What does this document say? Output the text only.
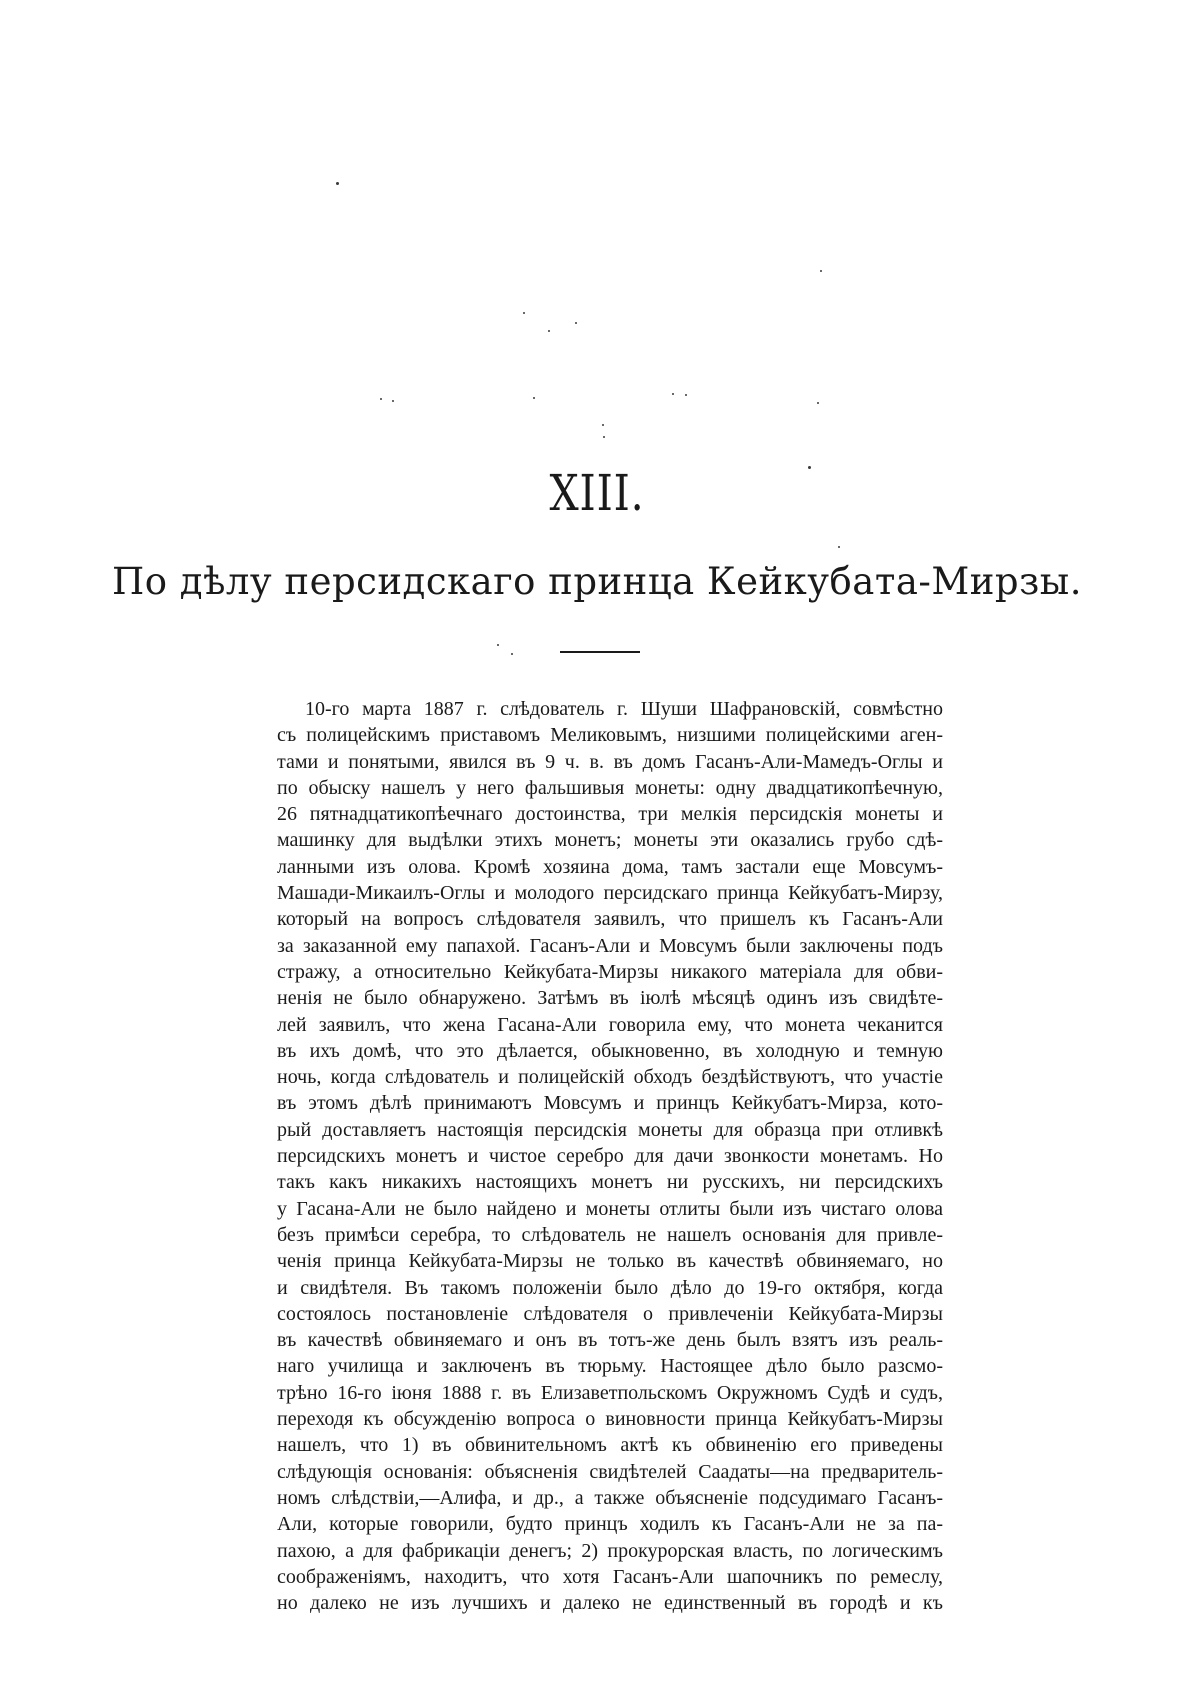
XIII.
По дѣлу персидскаго принца Кейкубата-Мирзы.

10-го марта 1887 г. слѣдователь г. Шуши Шафрановскій, совмѣстно
съ полицейскимъ приставомъ Меликовымъ, низшими полицейскими аген-
тами и понятыми, явился въ 9 ч. в. въ домъ Гасанъ-Али-Мамедъ-Оглы и
по обыску нашелъ у него фальшивыя монеты: одну двадцатикопѣечную,
26 пятнадцатикопѣечнаго достоинства, три мелкія персидскія монеты и
машинку для выдѣлки этихъ монетъ; монеты эти оказались грубо сдѣ-
ланными изъ олова. Кромѣ хозяина дома, тамъ застали еще Мовсумъ-
Машади-Микаилъ-Оглы и молодого персидскаго принца Кейкубатъ-Мирзу,
который на вопросъ слѣдователя заявилъ, что пришелъ къ Гасанъ-Али
за заказанной ему папахой. Гасанъ-Али и Мовсумъ были заключены подъ
стражу, а относительно Кейкубата-Мирзы никакого матеріала для обви-
ненія не было обнаружено. Затѣмъ въ іюлѣ мѣсяцѣ одинъ изъ свидѣте-
лей заявилъ, что жена Гасана-Али говорила ему, что монета чеканится
въ ихъ домѣ, что это дѣлается, обыкновенно, въ холодную и темную
ночь, когда слѣдователь и полицейскій обходъ бездѣйствуютъ, что участіе
въ этомъ дѣлѣ принимаютъ Мовсумъ и принцъ Кейкубатъ-Мирза, кото-
рый доставляетъ настоящія персидскія монеты для образца при отливкѣ
персидскихъ монетъ и чистое серебро для дачи звонкости монетамъ. Но
такъ какъ никакихъ настоящихъ монетъ ни русскихъ, ни персидскихъ
у Гасана-Али не было найдено и монеты отлиты были изъ чистаго олова
безъ примѣси серебра, то слѣдователь не нашелъ основанія для привле-
ченія принца Кейкубата-Мирзы не только въ качествѣ обвиняемаго, но
и свидѣтеля. Въ такомъ положеніи было дѣло до 19-го октября, когда
состоялось постановленіе слѣдователя о привлеченіи Кейкубата-Мирзы
въ качествѣ обвиняемаго и онъ въ тотъ-же день былъ взятъ изъ реаль-
наго училища и заключенъ въ тюрьму. Настоящее дѣло было разсмо-
трѣно 16-го іюня 1888 г. въ Елизаветпольскомъ Окружномъ Судѣ и судъ,
переходя къ обсужденію вопроса о виновности принца Кейкубатъ-Мирзы
нашелъ, что 1) въ обвинительномъ актѣ къ обвиненію его приведены
слѣдующія основанія: объясненія свидѣтелей Саадаты—на предваритель-
номъ слѣдствіи,—Алифа, и др., а также объясненіе подсудимаго Гасанъ-
Али, которые говорили, будто принцъ ходилъ къ Гасанъ-Али не за па-
пахою, а для фабрикаціи денегъ; 2) прокурорская власть, по логическимъ
соображеніямъ, находитъ, что хотя Гасанъ-Али шапочникъ по ремеслу,
но далеко не изъ лучшихъ и далеко не единственный въ городѣ и къ
